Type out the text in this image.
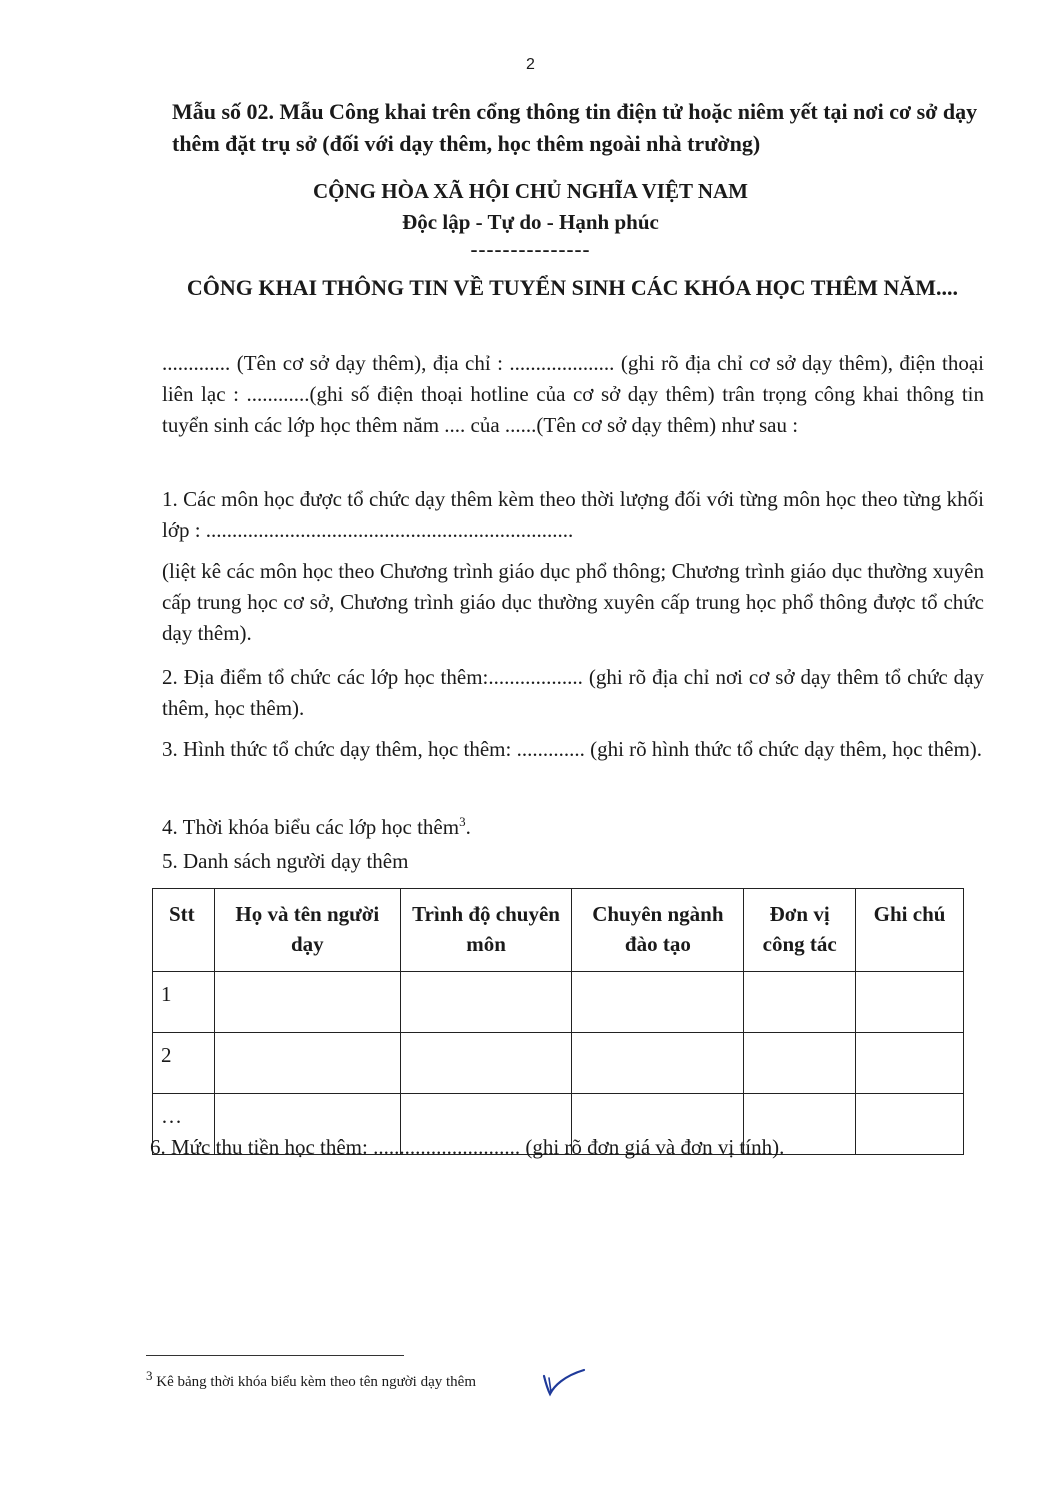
2

Mẫu số 02. Mẫu Công khai trên cổng thông tin điện tử hoặc niêm yết tại nơi cơ sở dạy thêm đặt trụ sở (đối với dạy thêm, học thêm ngoài nhà trường)

CỘNG HÒA XÃ HỘI CHỦ NGHĨA VIỆT NAM
Độc lập - Tự do - Hạnh phúc
---------------
CÔNG KHAI THÔNG TIN VỀ TUYỂN SINH CÁC KHÓA HỌC THÊM NĂM....

............. (Tên cơ sở dạy thêm), địa chỉ : .................... (ghi rõ địa chỉ cơ sở dạy thêm), điện thoại liên lạc : ............(ghi số điện thoại hotline của cơ sở dạy thêm) trân trọng công khai thông tin tuyển sinh các lớp học thêm năm .... của ......(Tên cơ sở dạy thêm) như sau :

1. Các môn học được tổ chức dạy thêm kèm theo thời lượng đối với từng môn học theo từng khối lớp : ......................................................................

(liệt kê các môn học theo Chương trình giáo dục phổ thông; Chương trình giáo dục thường xuyên cấp trung học cơ sở, Chương trình giáo dục thường xuyên cấp trung học phổ thông được tổ chức dạy thêm).

2. Địa điểm tổ chức các lớp học thêm:.................. (ghi rõ địa chỉ nơi cơ sở dạy thêm tổ chức dạy thêm, học thêm).

3. Hình thức tổ chức dạy thêm, học thêm: ............. (ghi rõ hình thức tổ chức dạy thêm, học thêm).

4. Thời khóa biểu các lớp học thêm$^3$.

5. Danh sách người dạy thêm

Stt	Họ và tên người dạy	Trình độ chuyên môn	Chuyên ngành đào tạo	Đơn vị công tác	Ghi chú
1					
2					
…					

6. Mức thu tiền học thêm: ............................ (ghi rõ đơn giá và đơn vị tính).

$^3$ Kê bảng thời khóa biểu kèm theo tên người dạy thêm
